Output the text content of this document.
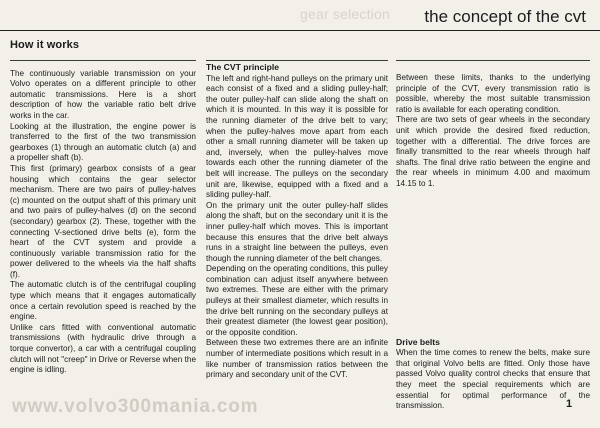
gear selection the concept of the cvt
How it works

The continuously variable transmission on your Volvo operates on a different principle to other automatic transmissions. Here is a short description of how the variable ratio belt drive works in the car.

Looking at the illustration, the engine power is transferred to the first of the two transmission gearboxes (1) through an automatic clutch (a) and a propeller shaft (b).

This first (primary) gearbox consists of a gear housing which contains the gear selector mechanism. There are two pairs of pulley-halves (c) mounted on the output shaft of this primary unit and two pairs of pulley-halves (d) on the second (secondary) gearbox (2). These, together with the connecting V-sectioned drive belts (e), form the heart of the CVT system and provide a continuously variable transmission ratio for the power delivered to the wheels via the half shafts (f).

The automatic clutch is of the centrifugal coupling type which means that it engages automatically once a certain revolution speed is reached by the engine.

Unlike cars fitted with conventional automatic transmissions (with hydraulic drive through a torque convertor), a car with a centrifugal coupling clutch will not "creep" in Drive or Reverse when the engine is idling.

The CVT principle

The left and right-hand pulleys on the primary unit each consist of a fixed and a sliding pulley-half; the outer pulley-half can slide along the shaft on which it is mounted. In this way it is possible for the running diameter of the drive belt to vary; when the pulley-halves move apart from each other a small running diameter will be taken up and, inversely, when the pulley-halves move towards each other the running diameter of the belt will increase. The pulleys on the secondary unit are, likewise, equipped with a fixed and a sliding pulley-half.

On the primary unit the outer pulley-half slides along the shaft, but on the secondary unit it is the inner pulley-half which moves. This is important because this ensures that the drive belt always runs in a straight line between the pulleys, even though the running diameter of the belt changes.

Depending on the operating conditions, this pulley combination can adjust itself anywhere between two extremes. These are either with the primary pulleys at their smallest diameter, which results in the drive belt running on the secondary pulleys at their greatest diameter (the lowest gear position), or the opposite condition.

Between these two extremes there are an infinite number of intermediate positions which result in a like number of transmission ratios between the primary and secondary unit of the CVT.

Between these limits, thanks to the underlying principle of the CVT, every transmission ratio is possible, whereby the most suitable transmission ratio is available for each operating condition.

There are two sets of gear wheels in the secondary unit which provide the desired fixed reduction, together with a differential. The drive forces are finally transmitted to the rear wheels through half shafts. The final drive ratio between the engine and the rear wheels in minimum 4.00 and maximum 14.15 to 1.

Drive belts

When the time comes to renew the belts, make sure that original Volvo belts are fitted. Only those have passed Volvo quality control checks that ensure that they meet the special requirements which are essential for optimal performance of the transmission.

www.volvo300mania.com	1
